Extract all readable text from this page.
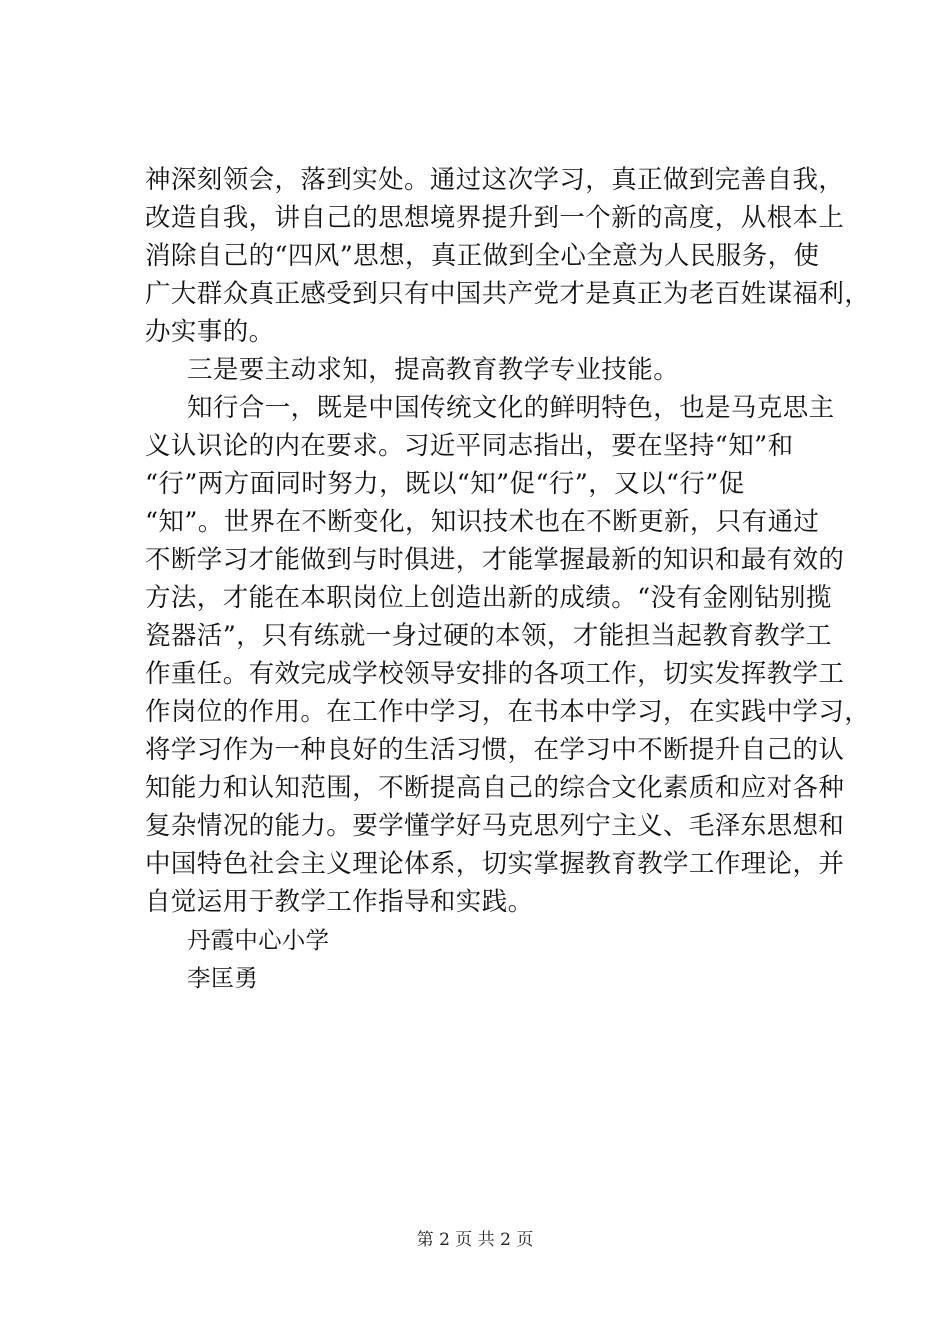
神深刻领会，落到实处。通过这次学习，真正做到完善自我，
改造自我，讲自己的思想境界提升到一个新的高度，从根本上
消除自己的“四风”思想，真正做到全心全意为人民服务，使
广大群众真正感受到只有中国共产党才是真正为老百姓谋福利，
办实事的。
三是要主动求知，提高教育教学专业技能。
知行合一，既是中国传统文化的鲜明特色，也是马克思主
义认识论的内在要求。习近平同志指出，要在坚持“知”和
“行”两方面同时努力，既以“知”促“行”，又以“行”促
“知”。世界在不断变化，知识技术也在不断更新，只有通过
不断学习才能做到与时俱进，才能掌握最新的知识和最有效的
方法，才能在本职岗位上创造出新的成绩。“没有金刚钻别揽
瓷器活”，只有练就一身过硬的本领，才能担当起教育教学工
作重任。有效完成学校领导安排的各项工作，切实发挥教学工
作岗位的作用。在工作中学习，在书本中学习，在实践中学习，
将学习作为一种良好的生活习惯，在学习中不断提升自己的认
知能力和认知范围，不断提高自己的综合文化素质和应对各种
复杂情况的能力。要学懂学好马克思列宁主义、毛泽东思想和
中国特色社会主义理论体系，切实掌握教育教学工作理论，并
自觉运用于教学工作指导和实践。
丹霞中心小学
李匡勇
第 2 页 共 2 页
